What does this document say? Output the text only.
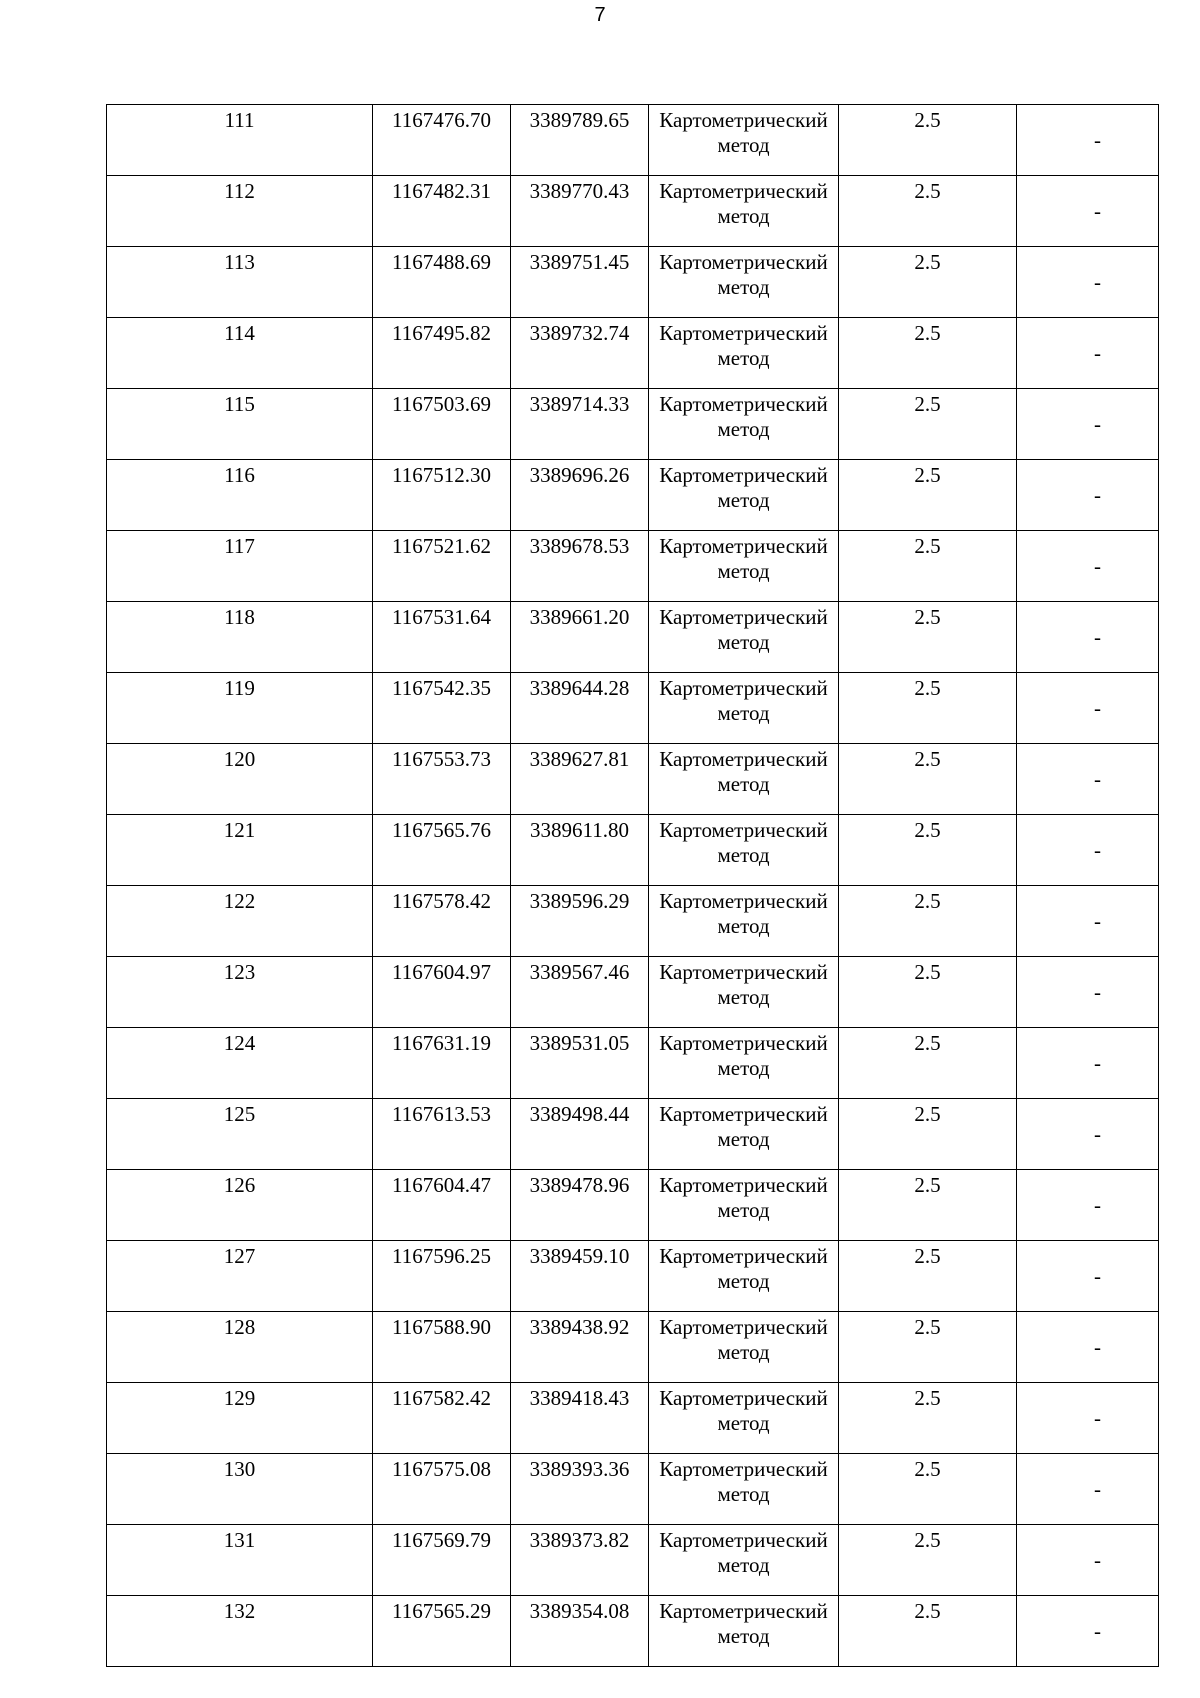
7
111	1167476.70	3389789.65	Картометрический
метод	2.5	-
112	1167482.31	3389770.43	Картометрический
метод	2.5	-
113	1167488.69	3389751.45	Картометрический
метод	2.5	-
114	1167495.82	3389732.74	Картометрический
метод	2.5	-
115	1167503.69	3389714.33	Картометрический
метод	2.5	-
116	1167512.30	3389696.26	Картометрический
метод	2.5	-
117	1167521.62	3389678.53	Картометрический
метод	2.5	-
118	1167531.64	3389661.20	Картометрический
метод	2.5	-
119	1167542.35	3389644.28	Картометрический
метод	2.5	-
120	1167553.73	3389627.81	Картометрический
метод	2.5	-
121	1167565.76	3389611.80	Картометрический
метод	2.5	-
122	1167578.42	3389596.29	Картометрический
метод	2.5	-
123	1167604.97	3389567.46	Картометрический
метод	2.5	-
124	1167631.19	3389531.05	Картометрический
метод	2.5	-
125	1167613.53	3389498.44	Картометрический
метод	2.5	-
126	1167604.47	3389478.96	Картометрический
метод	2.5	-
127	1167596.25	3389459.10	Картометрический
метод	2.5	-
128	1167588.90	3389438.92	Картометрический
метод	2.5	-
129	1167582.42	3389418.43	Картометрический
метод	2.5	-
130	1167575.08	3389393.36	Картометрический
метод	2.5	-
131	1167569.79	3389373.82	Картометрический
метод	2.5	-
132	1167565.29	3389354.08	Картометрический
метод	2.5	-
